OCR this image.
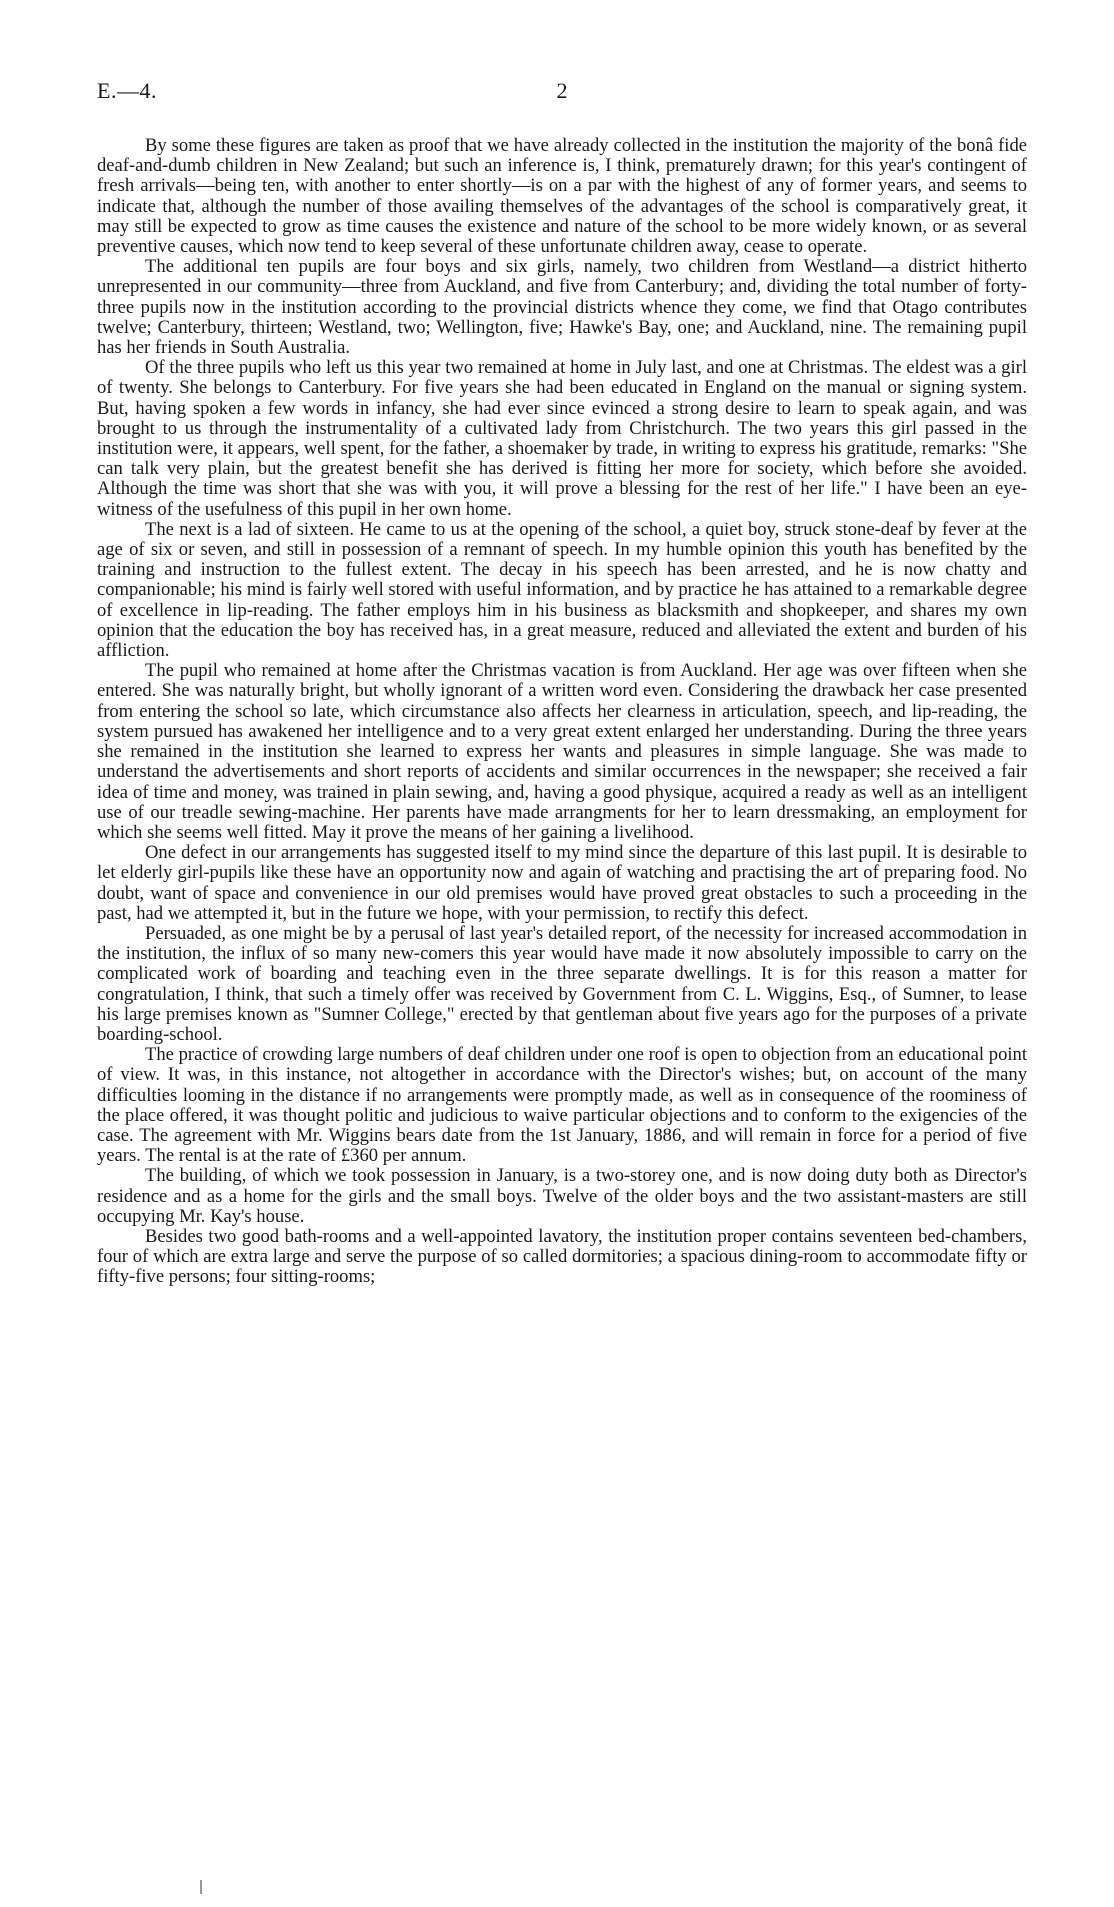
E.—4.	2

By some these figures are taken as proof that we have already collected in the institution the majority of the bonâ fide deaf-and-dumb children in New Zealand; but such an inference is, I think, prematurely drawn; for this year's contingent of fresh arrivals—being ten, with another to enter shortly—is on a par with the highest of any of former years, and seems to indicate that, although the number of those availing themselves of the advantages of the school is comparatively great, it may still be expected to grow as time causes the existence and nature of the school to be more widely known, or as several preventive causes, which now tend to keep several of these unfortunate children away, cease to operate.

The additional ten pupils are four boys and six girls, namely, two children from Westland—a district hitherto unrepresented in our community—three from Auckland, and five from Canterbury; and, dividing the total number of forty-three pupils now in the institution according to the provincial districts whence they come, we find that Otago contributes twelve; Canterbury, thirteen; Westland, two; Wellington, five; Hawke's Bay, one; and Auckland, nine. The remaining pupil has her friends in South Australia.

Of the three pupils who left us this year two remained at home in July last, and one at Christmas. The eldest was a girl of twenty. She belongs to Canterbury. For five years she had been educated in England on the manual or signing system. But, having spoken a few words in infancy, she had ever since evinced a strong desire to learn to speak again, and was brought to us through the instrumentality of a cultivated lady from Christchurch. The two years this girl passed in the institution were, it appears, well spent, for the father, a shoemaker by trade, in writing to express his gratitude, remarks: "She can talk very plain, but the greatest benefit she has derived is fitting her more for society, which before she avoided. Although the time was short that she was with you, it will prove a blessing for the rest of her life." I have been an eye-witness of the usefulness of this pupil in her own home.

The next is a lad of sixteen. He came to us at the opening of the school, a quiet boy, struck stone-deaf by fever at the age of six or seven, and still in possession of a remnant of speech. In my humble opinion this youth has benefited by the training and instruction to the fullest extent. The decay in his speech has been arrested, and he is now chatty and companionable; his mind is fairly well stored with useful information, and by practice he has attained to a remarkable degree of excellence in lip-reading. The father employs him in his business as blacksmith and shopkeeper, and shares my own opinion that the education the boy has received has, in a great measure, reduced and alleviated the extent and burden of his affliction.

The pupil who remained at home after the Christmas vacation is from Auckland. Her age was over fifteen when she entered. She was naturally bright, but wholly ignorant of a written word even. Considering the drawback her case presented from entering the school so late, which circumstance also affects her clearness in articulation, speech, and lip-reading, the system pursued has awakened her intelligence and to a very great extent enlarged her understanding. During the three years she remained in the institution she learned to express her wants and pleasures in simple language. She was made to understand the advertisements and short reports of accidents and similar occurrences in the newspaper; she received a fair idea of time and money, was trained in plain sewing, and, having a good physique, acquired a ready as well as an intelligent use of our treadle sewing-machine. Her parents have made arrangments for her to learn dressmaking, an employment for which she seems well fitted. May it prove the means of her gaining a livelihood.

One defect in our arrangements has suggested itself to my mind since the departure of this last pupil. It is desirable to let elderly girl-pupils like these have an opportunity now and again of watching and practising the art of preparing food. No doubt, want of space and convenience in our old premises would have proved great obstacles to such a proceeding in the past, had we attempted it, but in the future we hope, with your permission, to rectify this defect.

Persuaded, as one might be by a perusal of last year's detailed report, of the necessity for increased accommodation in the institution, the influx of so many new-comers this year would have made it now absolutely impossible to carry on the complicated work of boarding and teaching even in the three separate dwellings. It is for this reason a matter for congratulation, I think, that such a timely offer was received by Government from C. L. Wiggins, Esq., of Sumner, to lease his large premises known as "Sumner College," erected by that gentleman about five years ago for the purposes of a private boarding-school.

The practice of crowding large numbers of deaf children under one roof is open to objection from an educational point of view. It was, in this instance, not altogether in accordance with the Director's wishes; but, on account of the many difficulties looming in the distance if no arrangements were promptly made, as well as in consequence of the roominess of the place offered, it was thought politic and judicious to waive particular objections and to conform to the exigencies of the case. The agreement with Mr. Wiggins bears date from the 1st January, 1886, and will remain in force for a period of five years. The rental is at the rate of £360 per annum.

The building, of which we took possession in January, is a two-storey one, and is now doing duty both as Director's residence and as a home for the girls and the small boys. Twelve of the older boys and the two assistant-masters are still occupying Mr. Kay's house.

Besides two good bath-rooms and a well-appointed lavatory, the institution proper contains seventeen bed-chambers, four of which are extra large and serve the purpose of so called dormitories; a spacious dining-room to accommodate fifty or fifty-five persons; four sitting-rooms;
